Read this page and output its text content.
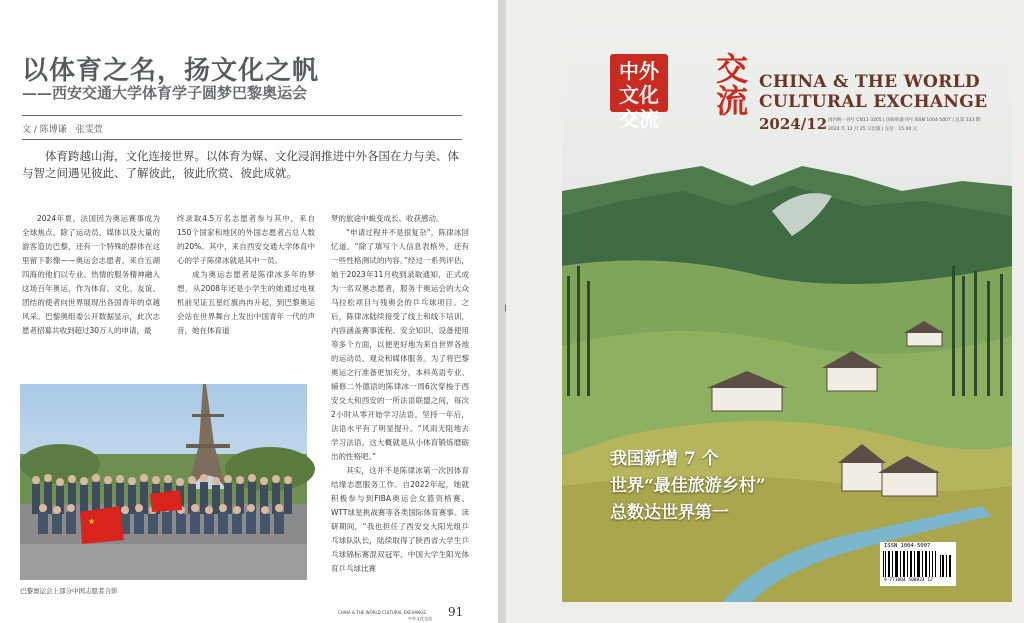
以体育之名，扬文化之帆
——西安交通大学体育学子圆梦巴黎奥运会
文 / 陈博谦　张雯萱

体育跨越山海，文化连接世界。以体育为媒、文化浸润推进中外各国在力与美、体与智之间遇见彼此、了解彼此，彼此欣赏、彼此成就。

2024年夏，法国因为奥运赛事成为全球焦点。除了运动员、媒体以及大量的游客造访巴黎，还有一个特殊的群体在这里留下影像——奥运会志愿者。来自五湖四海的他们以专业、热情的服务精神融入这场百年奥运，作为体育、文化、友谊、团结的使者向世界展现出各国青年的卓越风采。巴黎奥组委公开数据显示，此次志愿者招募共收到超过30万人的申请，最

终录取4.5万名志愿者参与其中，来自150个国家和地区的外国志愿者占总人数的20%。其中，来自西安交通大学体育中心的学子陈律冰就是其中一员。

成为奥运志愿者是陈律冰多年的梦想，从2008年还是小学生的她通过电视机前见证五星红旗冉冉升起，到巴黎奥运会站在世界舞台上发出中国青年一代的声音，她在体育道

梦的旅途中蜕变成长、收获感动。

“申请过程并不是很复杂”，陈律冰回忆道，“除了填写个人信息表格外，还有一些性格测试的内容。”经过一系列评估，她于2023年11月收到录取通知，正式成为一名双奥志愿者，服务于奥运会的大众马拉松项目与残奥会的乒乓球项目。之后，陈律冰陆续接受了线上和线下培训，内容涵盖赛事流程、安全知识、设备使用等多个方面，以便更好地为来自世界各地的运动员、观众和媒体服务。为了将巴黎奥运之行准备更加充分，本科英语专业、辅修二外德语的陈律冰一周6次穿梭于西安交大和西安的一所法语联盟之间，每次2小时从零开始学习法语。坚持一年后，法语水平有了明显提升。“风雨无阻地去学习法语，这大概就是从小体育锻炼磨砺出的性格吧。”

其实，这并不是陈律冰第一次因体育结缘志愿服务工作。自2022年起，她就积极参与到FIBA奥运会女篮资格赛、WTT球星挑战赛等各类国际体育赛事。读研期间，“我也担任了西安交大阳光组乒乓球队队长，陆续取得了陕西省大学生乒乓球锦标赛混双冠军、中国大学生阳光体育乒乓球比赛

★
巴黎奥运会上部分中国志愿者合影
CHINA & THE WORLD CULTURAL EXCHANGE
中外文化交流 91
中外文化交流
交流 CHINA & THE WORLD
CULTURAL EXCHANGE
2024/12 国内统一刊号 CN11-3205 | 国际标准刊号 ISSN 1004-5007 | 总第 333 期
2024 年 12 月 25 日出版 | 定价：15.00 元
我国新增 7 个
世界“最佳旅游乡村”
总数达世界第一
ISSN 1004-5007
9 771004 500024 12
